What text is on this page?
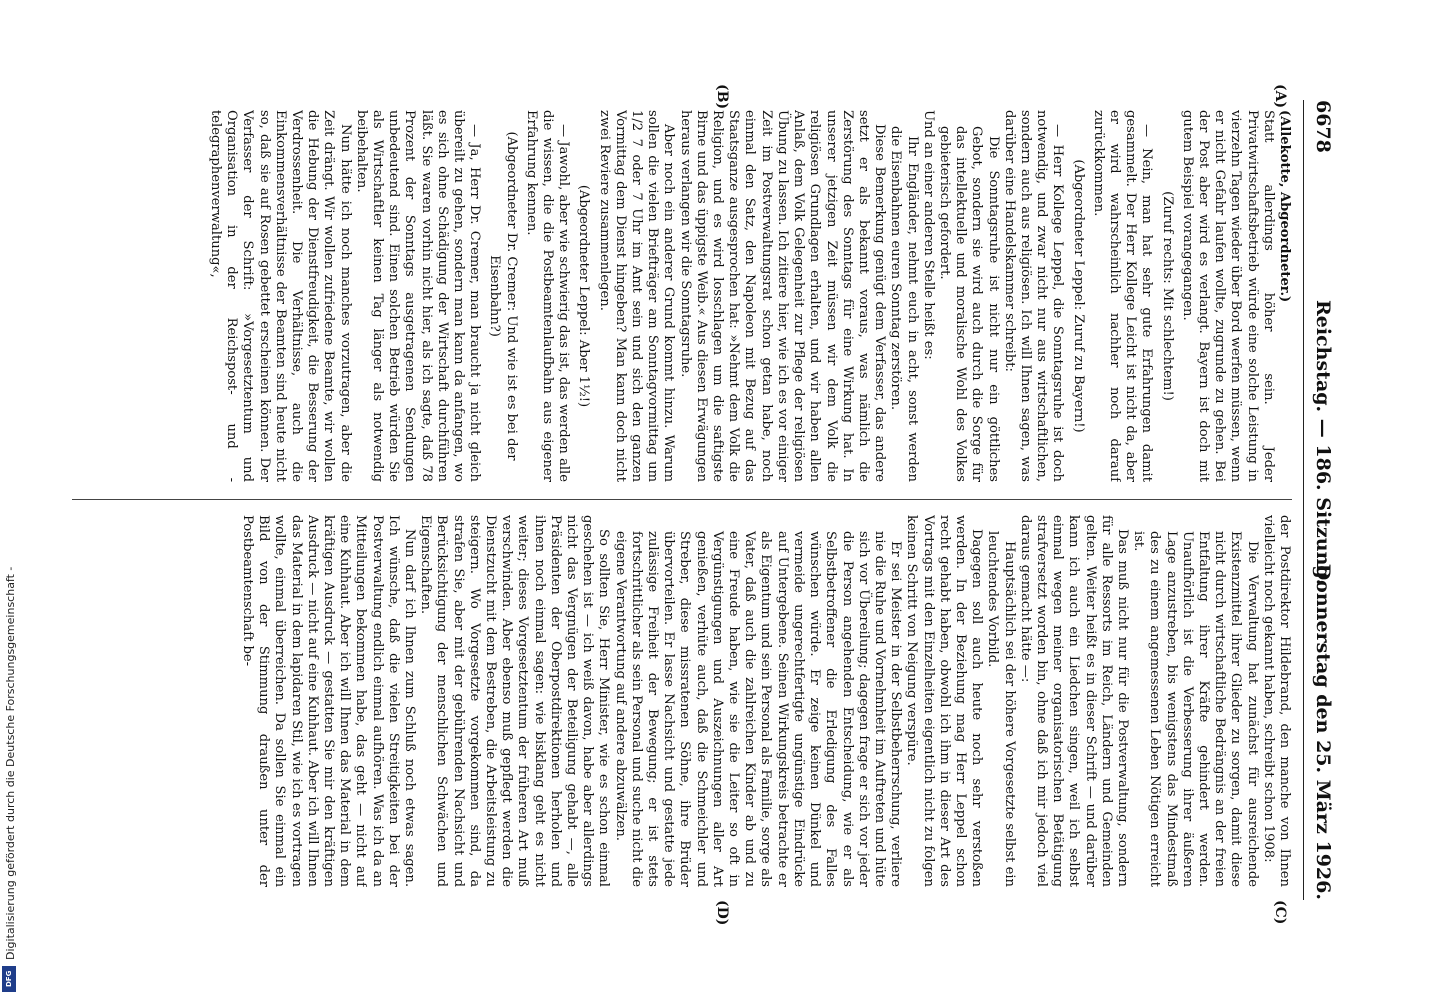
6678
Reichstag. — 186. Sitzung.
Donnerstag den 25. März 1926.
(A)
(B)
(C)
(D)

(Allekotte, Abgeordneter.)

Statt allerdings höher sein. Jeder Privatwirtschaftsbetrieb würde eine solche Leistung in vierzehn Tagen wieder über Bord werfen müssen, wenn er nicht Gefahr laufen wollte, zugrunde zu gehen. Bei der Post aber wird es verlangt. Bayern ist doch mit gutem Beispiel vorangegangen.

(Zuruf rechts: Mit schlechtem!)

— Nein, man hat sehr gute Erfahrungen damit gesammelt. Der Herr Kollege Leicht ist nicht da, aber er wird wahrscheinlich nachher noch darauf zurückkommen.

(Abgeordneter Leppel: Zuruf zu Bayern!)

— Herr Kollege Leppel, die Sonntagsruhe ist doch notwendig, und zwar nicht nur aus wirtschaftlichen, sondern auch aus religiösen. Ich will Ihnen sagen, was darüber eine Handelskammer schreibt:

Die Sonntagsruhe ist nicht nur ein göttliches Gebot, sondern sie wird auch durch die Sorge für das intellektuelle und moralische Wohl des Volkes gebieterisch gefordert.

Und an einer anderen Stelle heißt es:

Ihr Engländer, nehmt euch in acht, sonst werden die Eisenbahnen euren Sonntag zerstören.

Diese Bemerkung genügt dem Verfasser, das andere setzt er als bekannt voraus, was nämlich die Zerstörung des Sonntags für eine Wirkung hat. In unserer jetzigen Zeit müssen wir dem Volk die religiösen Grundlagen erhalten, und wir haben allen Anlaß, dem Volk Gelegenheit zur Pflege der religiösen Übung zu lassen. Ich zitiere hier, wie ich es vor einiger Zeit im Postverwaltungsrat schon getan habe, noch einmal den Satz, den Napoleon mit Bezug auf das Staatsganze ausgesprochen hat: »Nehmt dem Volk die Religion, und es wird losschlagen um die saftigste Birne und das üppigste Weib.« Aus diesen Erwägungen heraus verlangen wir die Sonntagsruhe.

Aber noch ein anderer Grund kommt hinzu. Warum sollen die vielen Briefträger am Sonntagvormittag um 1/2 7 oder 7 Uhr im Amt sein und sich den ganzen Vormittag dem Dienst hingeben? Man kann doch nicht zwei Reviere zusammenlegen.

(Abgeordneter Leppel: Aber 1½!)

— Jawohl, aber wie schwierig das ist, das werden alle die wissen, die die Postbeamtenlaufbahn aus eigener Erfahrung kennen.

(Abgeordneter Dr. Cremer: Und wie ist es bei der Eisenbahn?)

— Ja, Herr Dr. Cremer, man braucht ja nicht gleich übereilt zu gehen, sondern man kann da anfangen, wo es sich ohne Schädigung der Wirtschaft durchführen läßt. Sie waren vorhin nicht hier, als ich sagte, daß 78 Prozent der Sonntags ausgetragenen Sendungen unbedeutend sind. Einen solchen Betrieb würden Sie als Wirtschaftler keinen Tag länger als notwendig beibehalten.

Nun hätte ich noch manches vorzutragen, aber die Zeit drängt. Wir wollen zufriedene Beamte, wir wollen die Hebung der Dienstfreudigkeit, die Besserung der Verdrossenheit. Die Verhältnisse, auch die Einkommensverhältnisse der Beamten sind heute nicht so, daß sie auf Rosen gebettet erscheinen können. Der Verfasser der Schrift: »Vorgesetztentum und Organisation in der Reichspost- und -telegraphenverwaltung«,

der Postdirektor Hildebrand, den manche von Ihnen vielleicht noch gekannt haben, schreibt schon 1908:

Die Verwaltung hat zunächst für ausreichende Existenzmittel ihrer Glieder zu sorgen, damit diese nicht durch wirtschaftliche Bedrängnis an der freien Entfaltung ihrer Kräfte gehindert werden. Unaufhörlich ist die Verbesserung ihrer äußeren Lage anzustreben, bis wenigstens das Mindestmaß des zu einem angemessenen Leben Nötigen erreicht ist.

Das muß nicht nur für die Postverwaltung, sondern für alle Ressorts im Reich, Ländern und Gemeinden gelten. Weiter heißt es in dieser Schrift — und darüber kann ich auch ein Liedchen singen, weil ich selbst einmal wegen meiner organisatorischen Betätigung strafversetzt worden bin, ohne daß ich mir jedoch viel daraus gemacht hätte —:

Hauptsächlich sei der höhere Vorgesetzte selbst ein leuchtendes Vorbild.

Dagegen soll auch heute noch sehr verstoßen werden. In der Beziehung mag Herr Leppel schon recht gehabt haben, obwohl ich ihm in dieser Art des Vortrags mit den Einzelheiten eigentlich nicht zu folgen keinen Schritt von Neigung verspüre.

Er sei Meister in der Selbstbeherrschung, verliere nie die Ruhe und Vornehmheit im Auftreten und hüte sich vor Übereilung; dagegen frage er sich vor jeder die Person angehenden Entscheidung, wie er als Selbstbetroffener die Erledigung des Falles wünschen würde. Er zeige keinen Dünkel und vermeide ungerechtfertigte ungünstige Eindrücke auf Untergebene. Seinen Wirkungskreis betrachte er als Eigentum und sein Personal als Familie, sorge als Vater, daß auch die zahlreichen Kinder ab und zu eine Freude haben, wie sie die Leiter so oft in Vergünstigungen und Auszeichnungen aller Art genießen, verhüte auch, daß die Schmeichler und Streber, diese missratenen Söhne, ihre Brüder übervorteilen. Er lasse Nachsicht und gestatte jede zulässige Freiheit der Bewegung; er ist stets fortschrittlicher als sein Personal und suche nicht die eigene Verantwortung auf andere abzuwälzen.

So sollten Sie, Herr Minister, wie es schon einmal geschehen ist — ich weiß davon, habe aber allerdings nicht das Vergnügen der Beteiligung gehabt —, alle Präsidenten der Oberpostdirektionen herholen und ihnen noch einmal sagen: wie bisklang geht es nicht weiter; dieses Vorgesetztentum der früheren Art muß verschwinden. Aber ebenso muß gepflegt werden die Dienstzucht mit dem Bestreben, die Arbeitsleistung zu steigern. Wo Vorgesetzte vorgekommen sind, da strafen Sie, aber mit der gebührenden Nachsicht und Berücksichtigung der menschlichen Schwächen und Eigenschaften.

Nun darf ich Ihnen zum Schluß noch etwas sagen. Ich wünsche, daß die vielen Streitigkeiten bei der Postverwaltung endlich einmal aufhören. Was ich da an Mitteilungen bekommen habe, das geht — nicht auf eine Kuhhaut. Aber ich will Ihnen das Material in dem kräftigen Ausdruck — gestatten Sie mir den kräftigen Ausdruck — nicht auf eine Kuhhaut. Aber ich will Ihnen das Material in dem lapidaren Stil, wie ich es vortragen wollte, einmal überreichen. Da sollen Sie einmal ein Bild von der Stimmung draußen unter der Postbeamtenschaft be-

Digitalisierung gefördert durch die Deutsche Forschungsgemeinschaft -
DFG
